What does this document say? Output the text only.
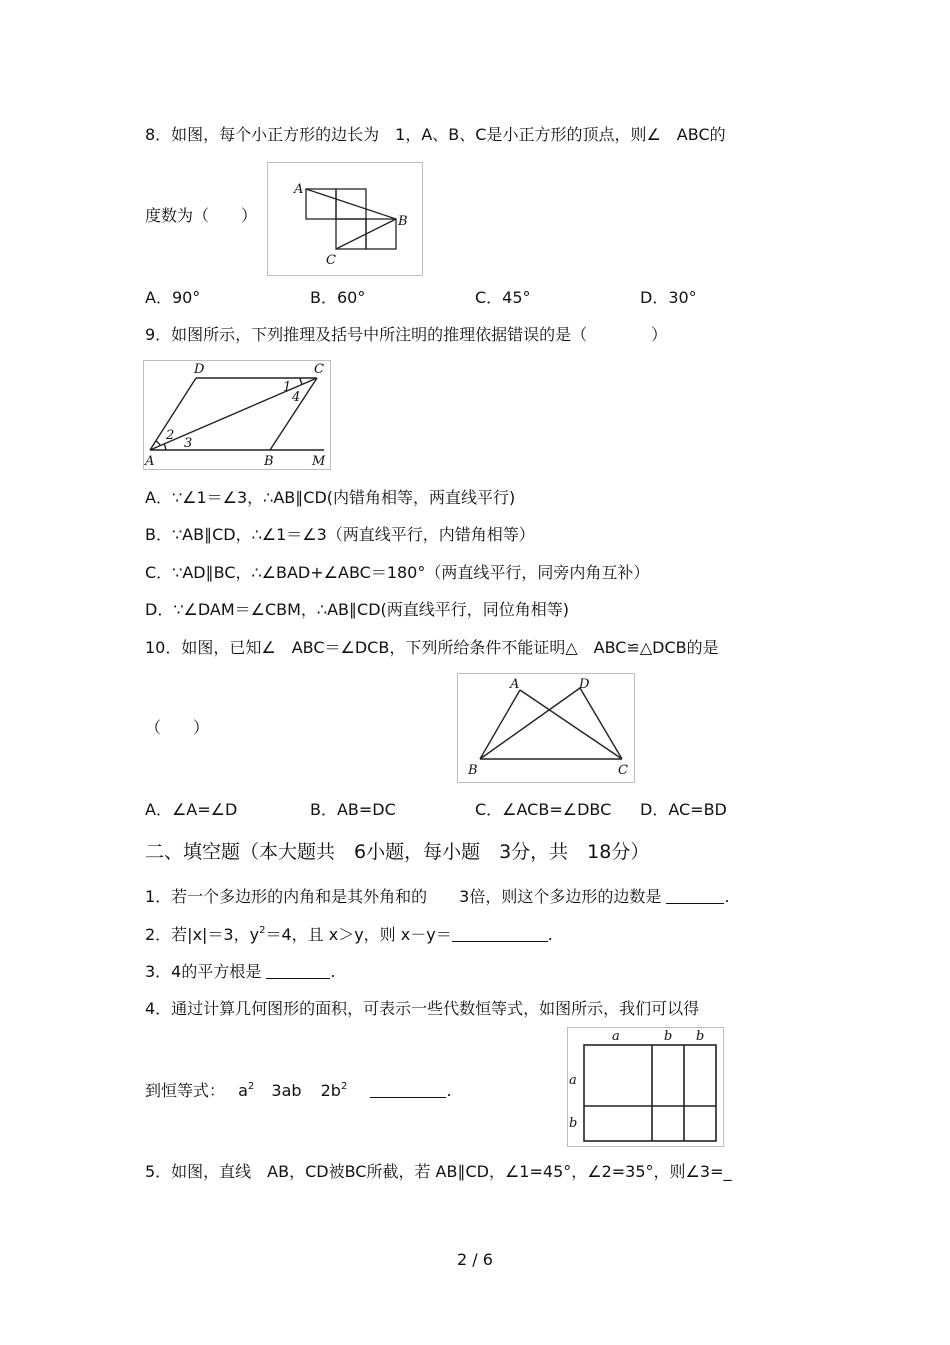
8．如图，每个小正方形的边长为　1，A、B、C是小正方形的顶点，则∠　ABC的
A
B
C
度数为（　　）
A．90°	B．60°	C．45°	D．30°
9．如图所示，下列推理及括号中所注明的推理依据错误的是（　　　　）
D	C
1
4
2
3
A	B	M
A．∵∠1＝∠3，∴AB∥CD(内错角相等，两直线平行)
B．∵AB∥CD，∴∠1＝∠3（两直线平行，内错角相等）
C．∵AD∥BC，∴∠BAD+∠ABC＝180°（两直线平行，同旁内角互补）
D．∵∠DAM＝∠CBM，∴AB∥CD(两直线平行，同位角相等)
10．如图，已知∠　ABC＝∠DCB，下列所给条件不能证明△　ABC≌△DCB的是
（　　）
A	D
B	C
A．∠A=∠D	B．AB=DC	C．∠ACB=∠DBC D．AC=BD
二、填空题（本大题共　6小题，每小题　3分，共　18分）
1．若一个多边形的内角和是其外角和的　　3倍，则这个多边形的边数是	.
2．若|x|＝3，$y^2=4$，且 x＞y，则 x－y＝	.
3．4的平方根是	.
4．通过计算几何图形的面积，可表示一些代数恒等式，如图所示，我们可以得
a	b b
a
b
到恒等式： $a^2$ 3ab $2b^2$	.
5．如图，直线　AB，CD被BC所截，若 AB∥CD，∠1=45°，∠2=35°，则∠3=_
2 / 6
